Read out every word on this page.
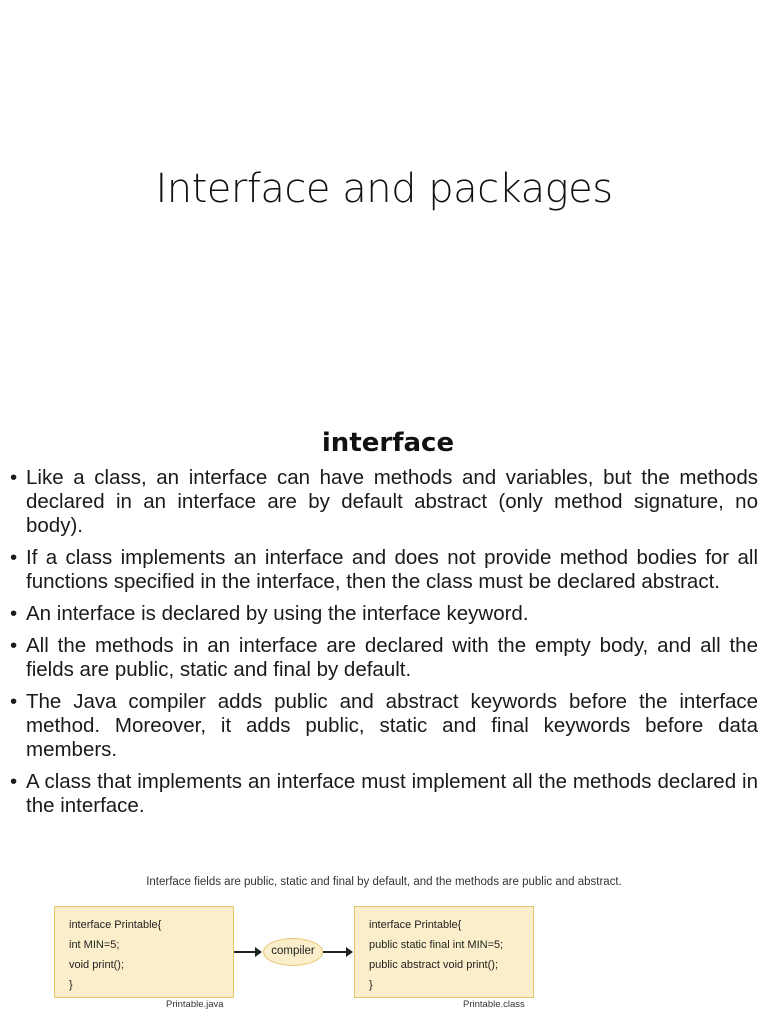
Interface and packages
interface
• Like a class, an interface can have methods and variables, but the methods declared in an interface are by default abstract (only method signature, no body).
• If a class implements an interface and does not provide method bodies for all functions specified in the interface, then the class must be declared abstract.
• An interface is declared by using the interface keyword.
• All the methods in an interface are declared with the empty body, and all the fields are public, static and final by default.
• The Java compiler adds public and abstract keywords before the interface method. Moreover, it adds public, static and final keywords before data members.
• A class that implements an interface must implement all the methods declared in the interface.
Interface fields are public, static and final by default, and the methods are public and abstract.
interface Printable{
int MIN=5;
void print();
}
compiler
interface Printable{
public static final int MIN=5;
public abstract void print();
}
Printable.java	Printable.class
